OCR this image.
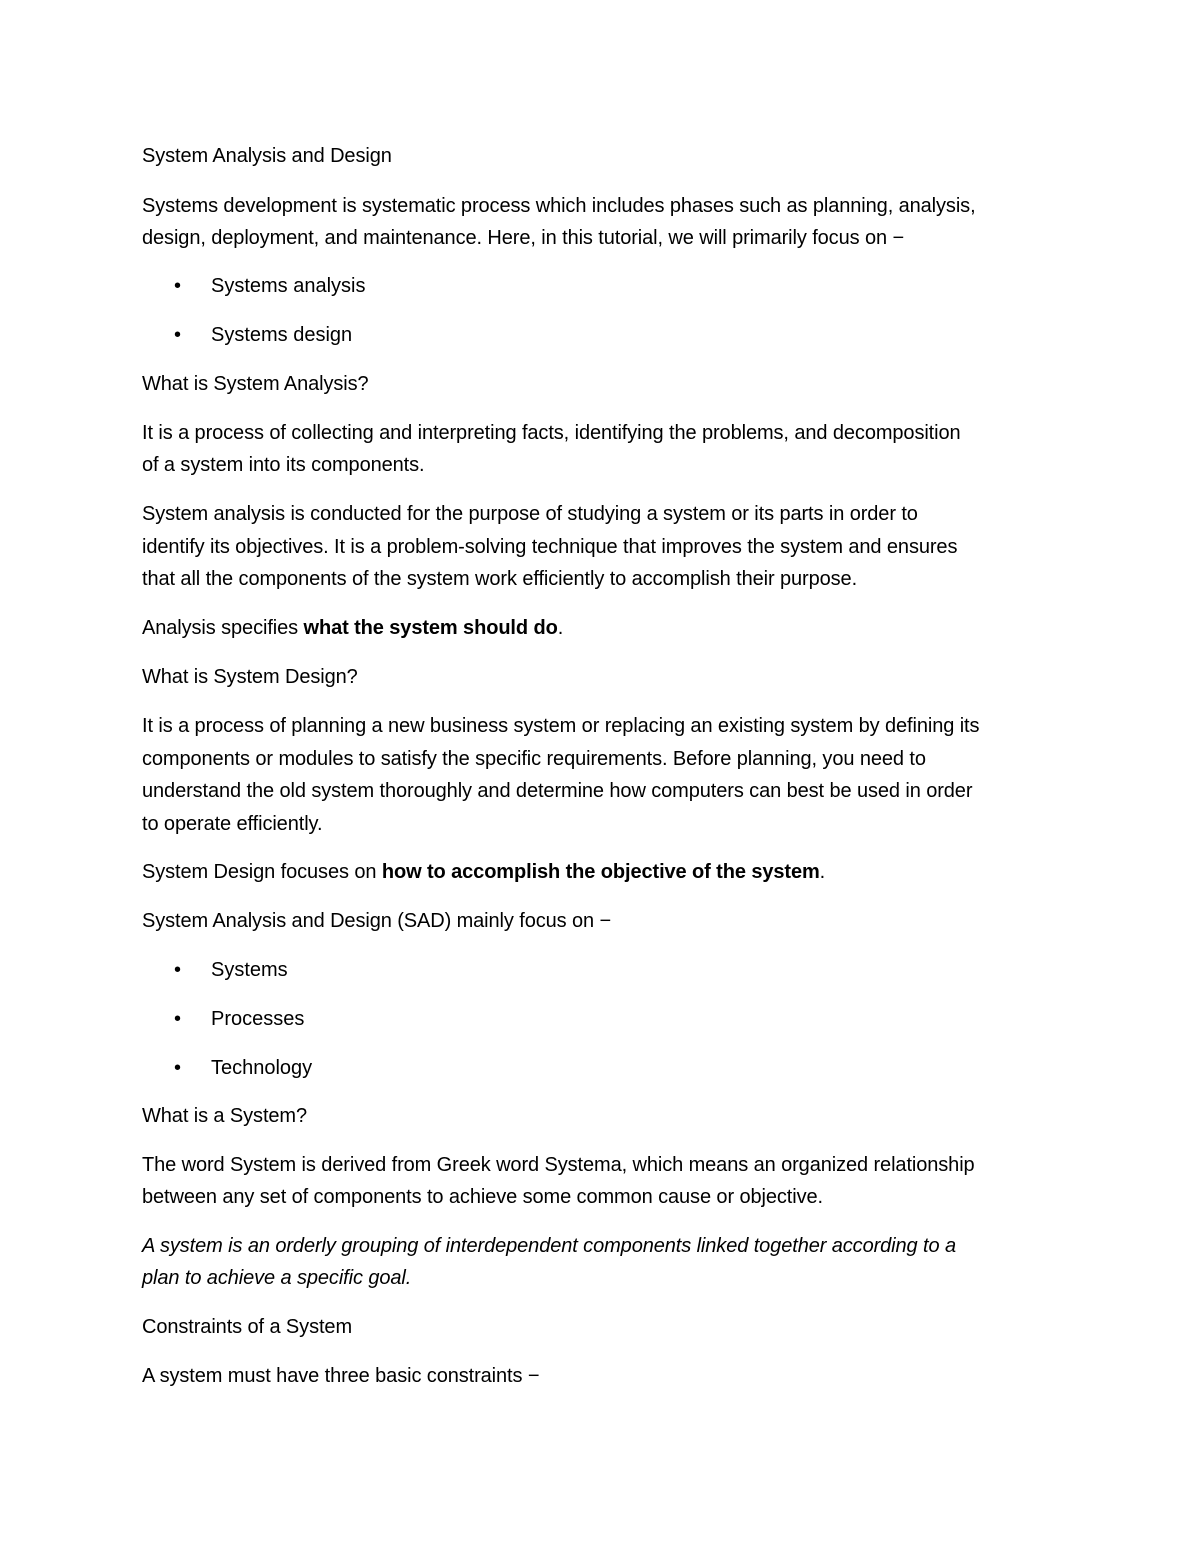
System Analysis and Design
Systems development is systematic process which includes phases such as planning, analysis,
design, deployment, and maintenance. Here, in this tutorial, we will primarily focus on −
• Systems analysis
• Systems design
What is System Analysis?
It is a process of collecting and interpreting facts, identifying the problems, and decomposition
of a system into its components.
System analysis is conducted for the purpose of studying a system or its parts in order to
identify its objectives. It is a problem-solving technique that improves the system and ensures
that all the components of the system work efficiently to accomplish their purpose.
Analysis specifies what the system should do.
What is System Design?
It is a process of planning a new business system or replacing an existing system by defining its
components or modules to satisfy the specific requirements. Before planning, you need to
understand the old system thoroughly and determine how computers can best be used in order
to operate efficiently.
System Design focuses on how to accomplish the objective of the system.
System Analysis and Design (SAD) mainly focus on −
• Systems
• Processes
• Technology
What is a System?
The word System is derived from Greek word Systema, which means an organized relationship
between any set of components to achieve some common cause or objective.
A system is an orderly grouping of interdependent components linked together according to a
plan to achieve a specific goal.
Constraints of a System
A system must have three basic constraints −
